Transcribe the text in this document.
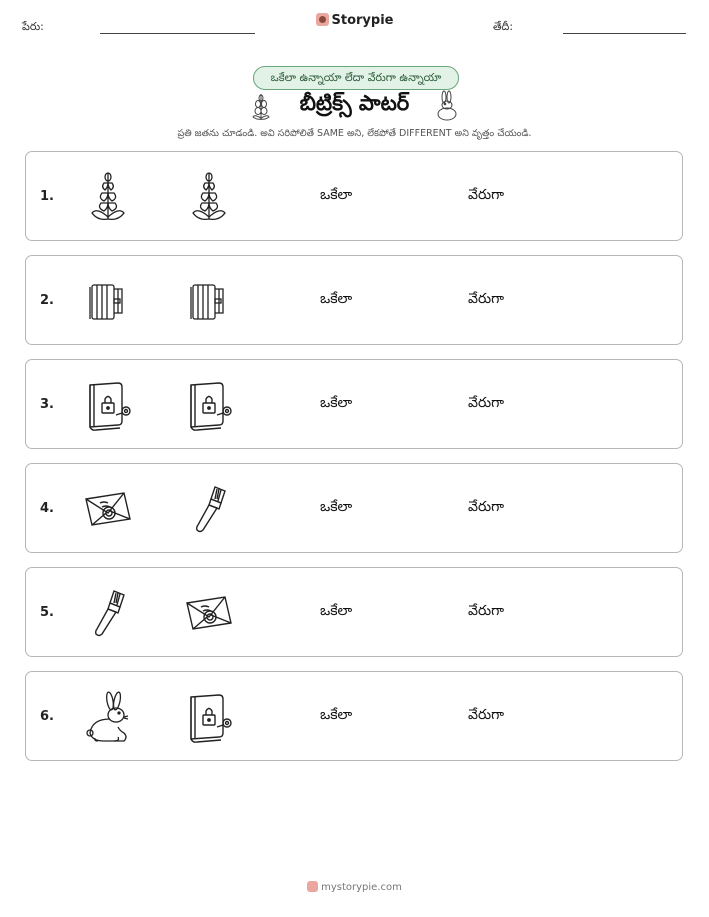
పేరు:	Storypie	తేదీ:
ఒకేలా ఉన్నాయా లేదా వేరుగా ఉన్నాయా
బీట్రిక్స్ పాటర్
ప్రతి జతను చూడండి. అవి సరిపోలితే SAME అని, లేకపోతే DIFFERENT అని వృత్తం చేయండి.
1.	ఒకేలా	వేరుగా
2.	ఒకేలా	వేరుగా
3.	ఒకేలా	వేరుగా
4.	ఒకేలా	వేరుగా
5.	ఒకేలా	వేరుగా
6.	ఒకేలా	వేరుగా
mystorypie.com
